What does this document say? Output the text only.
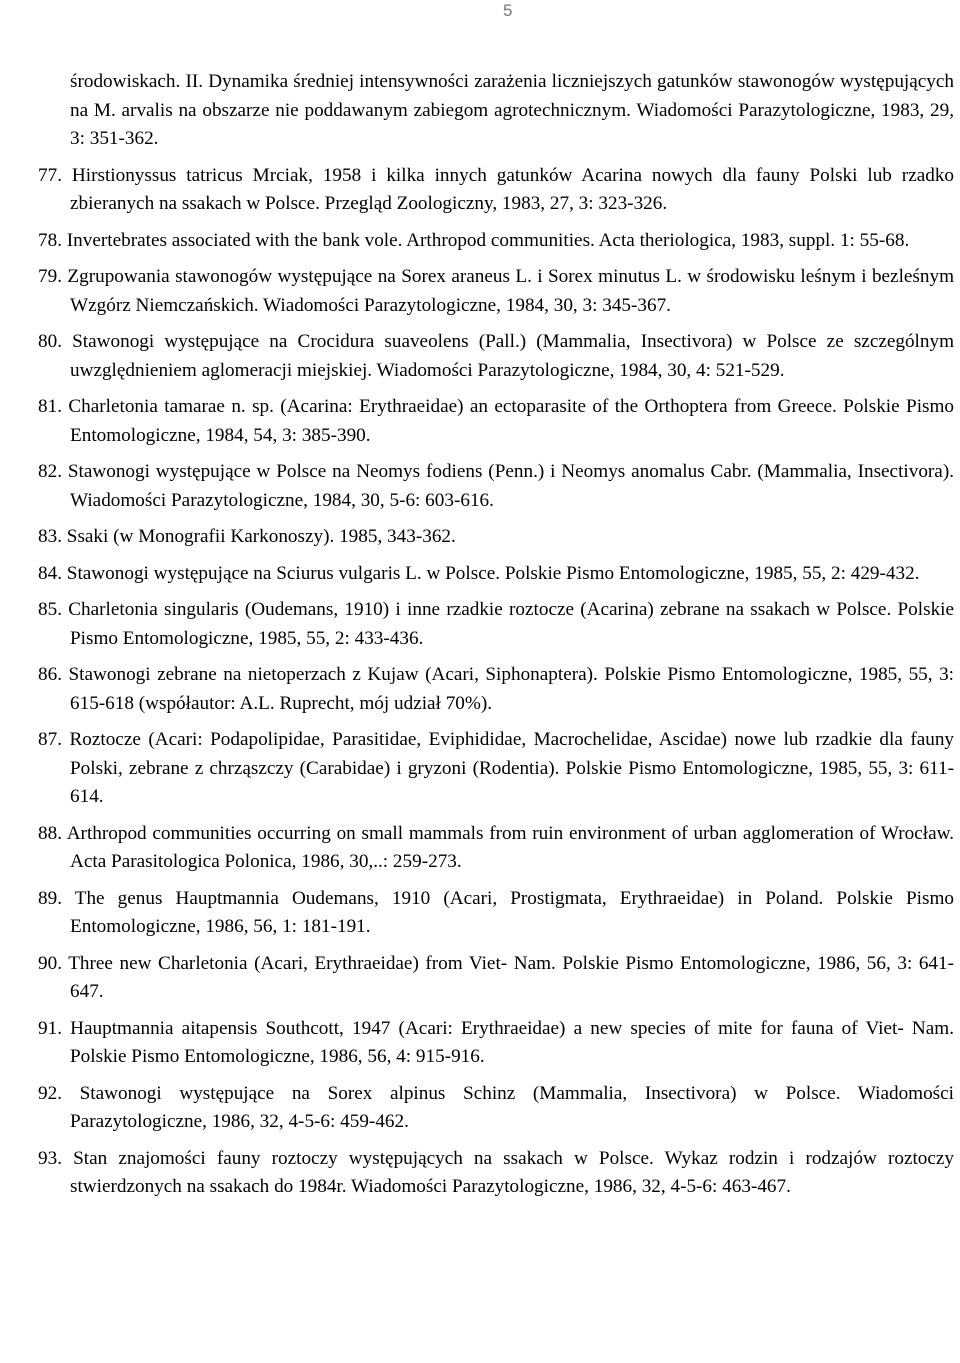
5
środowiskach. II. Dynamika średniej intensywności zarażenia liczniejszych gatunków stawonogów występujących na M. arvalis na obszarze nie poddawanym zabiegom agrotechnicznym. Wiadomości Parazytologiczne, 1983, 29, 3: 351-362.
77. Hirstionyssus tatricus Mrciak, 1958 i kilka innych gatunków Acarina nowych dla fauny Polski lub rzadko zbieranych na ssakach w Polsce. Przegląd Zoologiczny, 1983, 27, 3: 323-326.
78. Invertebrates associated with the bank vole. Arthropod communities. Acta theriologica, 1983, suppl. 1: 55-68.
79. Zgrupowania stawonogów występujące na Sorex araneus L. i Sorex minutus L. w środowisku leśnym i bezleśnym Wzgórz Niemczańskich. Wiadomości Parazytologiczne, 1984, 30, 3: 345-367.
80. Stawonogi występujące na Crocidura suaveolens (Pall.) (Mammalia, Insectivora) w Polsce ze szczególnym uwzględnieniem aglomeracji miejskiej. Wiadomości Parazytologiczne, 1984, 30, 4: 521-529.
81. Charletonia tamarae n. sp. (Acarina: Erythraeidae) an ectoparasite of the Orthoptera from Greece. Polskie Pismo Entomologiczne, 1984, 54, 3: 385-390.
82. Stawonogi występujące w Polsce na Neomys fodiens (Penn.) i Neomys anomalus Cabr. (Mammalia, Insectivora). Wiadomości Parazytologiczne, 1984, 30, 5-6: 603-616.
83. Ssaki (w Monografii Karkonoszy). 1985, 343-362.
84. Stawonogi występujące na Sciurus vulgaris L. w Polsce. Polskie Pismo Entomologiczne, 1985, 55, 2: 429-432.
85. Charletonia singularis (Oudemans, 1910) i inne rzadkie roztocze (Acarina) zebrane na ssakach w Polsce. Polskie Pismo Entomologiczne, 1985, 55, 2: 433-436.
86. Stawonogi zebrane na nietoperzach z Kujaw (Acari, Siphonaptera). Polskie Pismo Entomologiczne, 1985, 55, 3: 615-618 (współautor: A.L. Ruprecht, mój udział 70%).
87. Roztocze (Acari: Podapolipidae, Parasitidae, Eviphididae, Macrochelidae, Ascidae) nowe lub rzadkie dla fauny Polski, zebrane z chrząszczy (Carabidae) i gryzoni (Rodentia). Polskie Pismo Entomologiczne, 1985, 55, 3: 611-614.
88. Arthropod communities occurring on small mammals from ruin environment of urban agglomeration of Wrocław. Acta Parasitologica Polonica, 1986, 30,..: 259-273.
89. The genus Hauptmannia Oudemans, 1910 (Acari, Prostigmata, Erythraeidae) in Poland. Polskie Pismo Entomologiczne, 1986, 56, 1: 181-191.
90. Three new Charletonia (Acari, Erythraeidae) from Viet- Nam. Polskie Pismo Entomologiczne, 1986, 56, 3: 641-647.
91. Hauptmannia aitapensis Southcott, 1947 (Acari: Erythraeidae) a new species of mite for fauna of Viet- Nam. Polskie Pismo Entomologiczne, 1986, 56, 4: 915-916.
92. Stawonogi występujące na Sorex alpinus Schinz (Mammalia, Insectivora) w Polsce. Wiadomości Parazytologiczne, 1986, 32, 4-5-6: 459-462.
93. Stan znajomości fauny roztoczy występujących na ssakach w Polsce. Wykaz rodzin i rodzajów roztoczy stwierdzonych na ssakach do 1984r. Wiadomości Parazytologiczne, 1986, 32, 4-5-6: 463-467.
